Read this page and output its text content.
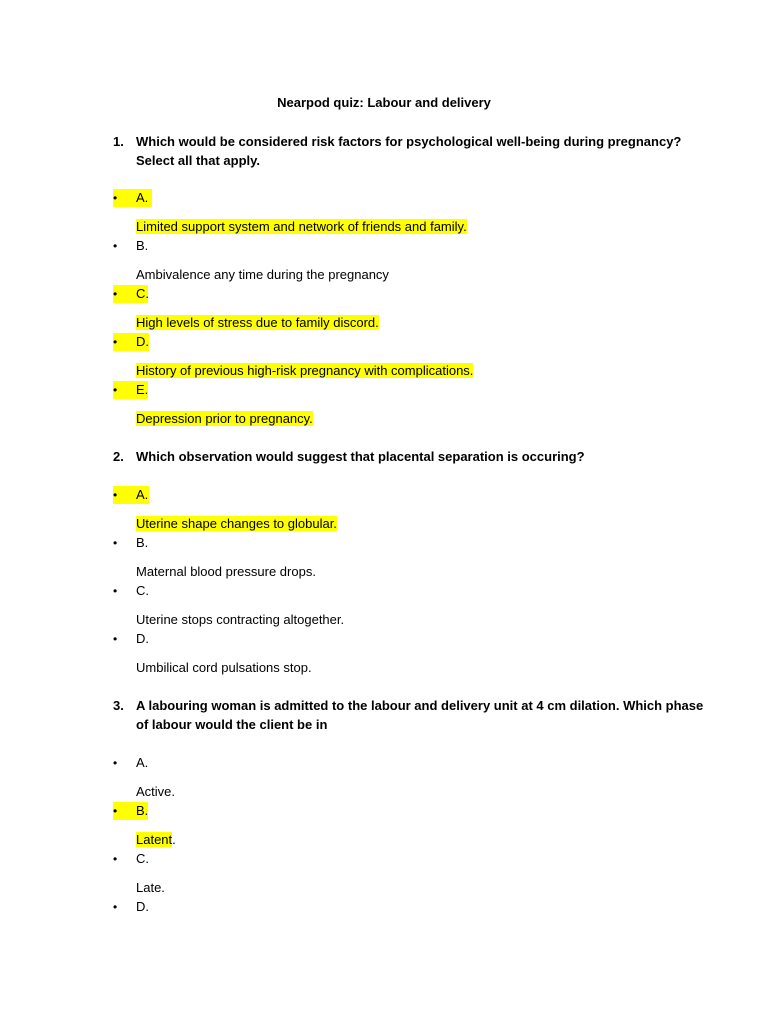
Nearpod quiz: Labour and delivery
1. Which would be considered risk factors for psychological well-being during pregnancy? Select all that apply.
• A.
Limited support system and network of friends and family.
• B.
Ambivalence any time during the pregnancy
• C.
High levels of stress due to family discord.
• D.
History of previous high-risk pregnancy with complications.
• E.
Depression prior to pregnancy.
2. Which observation would suggest that placental separation is occuring?
• A.
Uterine shape changes to globular.
• B.
Maternal blood pressure drops.
• C.
Uterine stops contracting altogether.
• D.
Umbilical cord pulsations stop.
3. A labouring woman is admitted to the labour and delivery unit at 4 cm dilation. Which phase of labour would the client be in
• A.
Active.
• B.
Latent.
• C.
Late.
• D.
